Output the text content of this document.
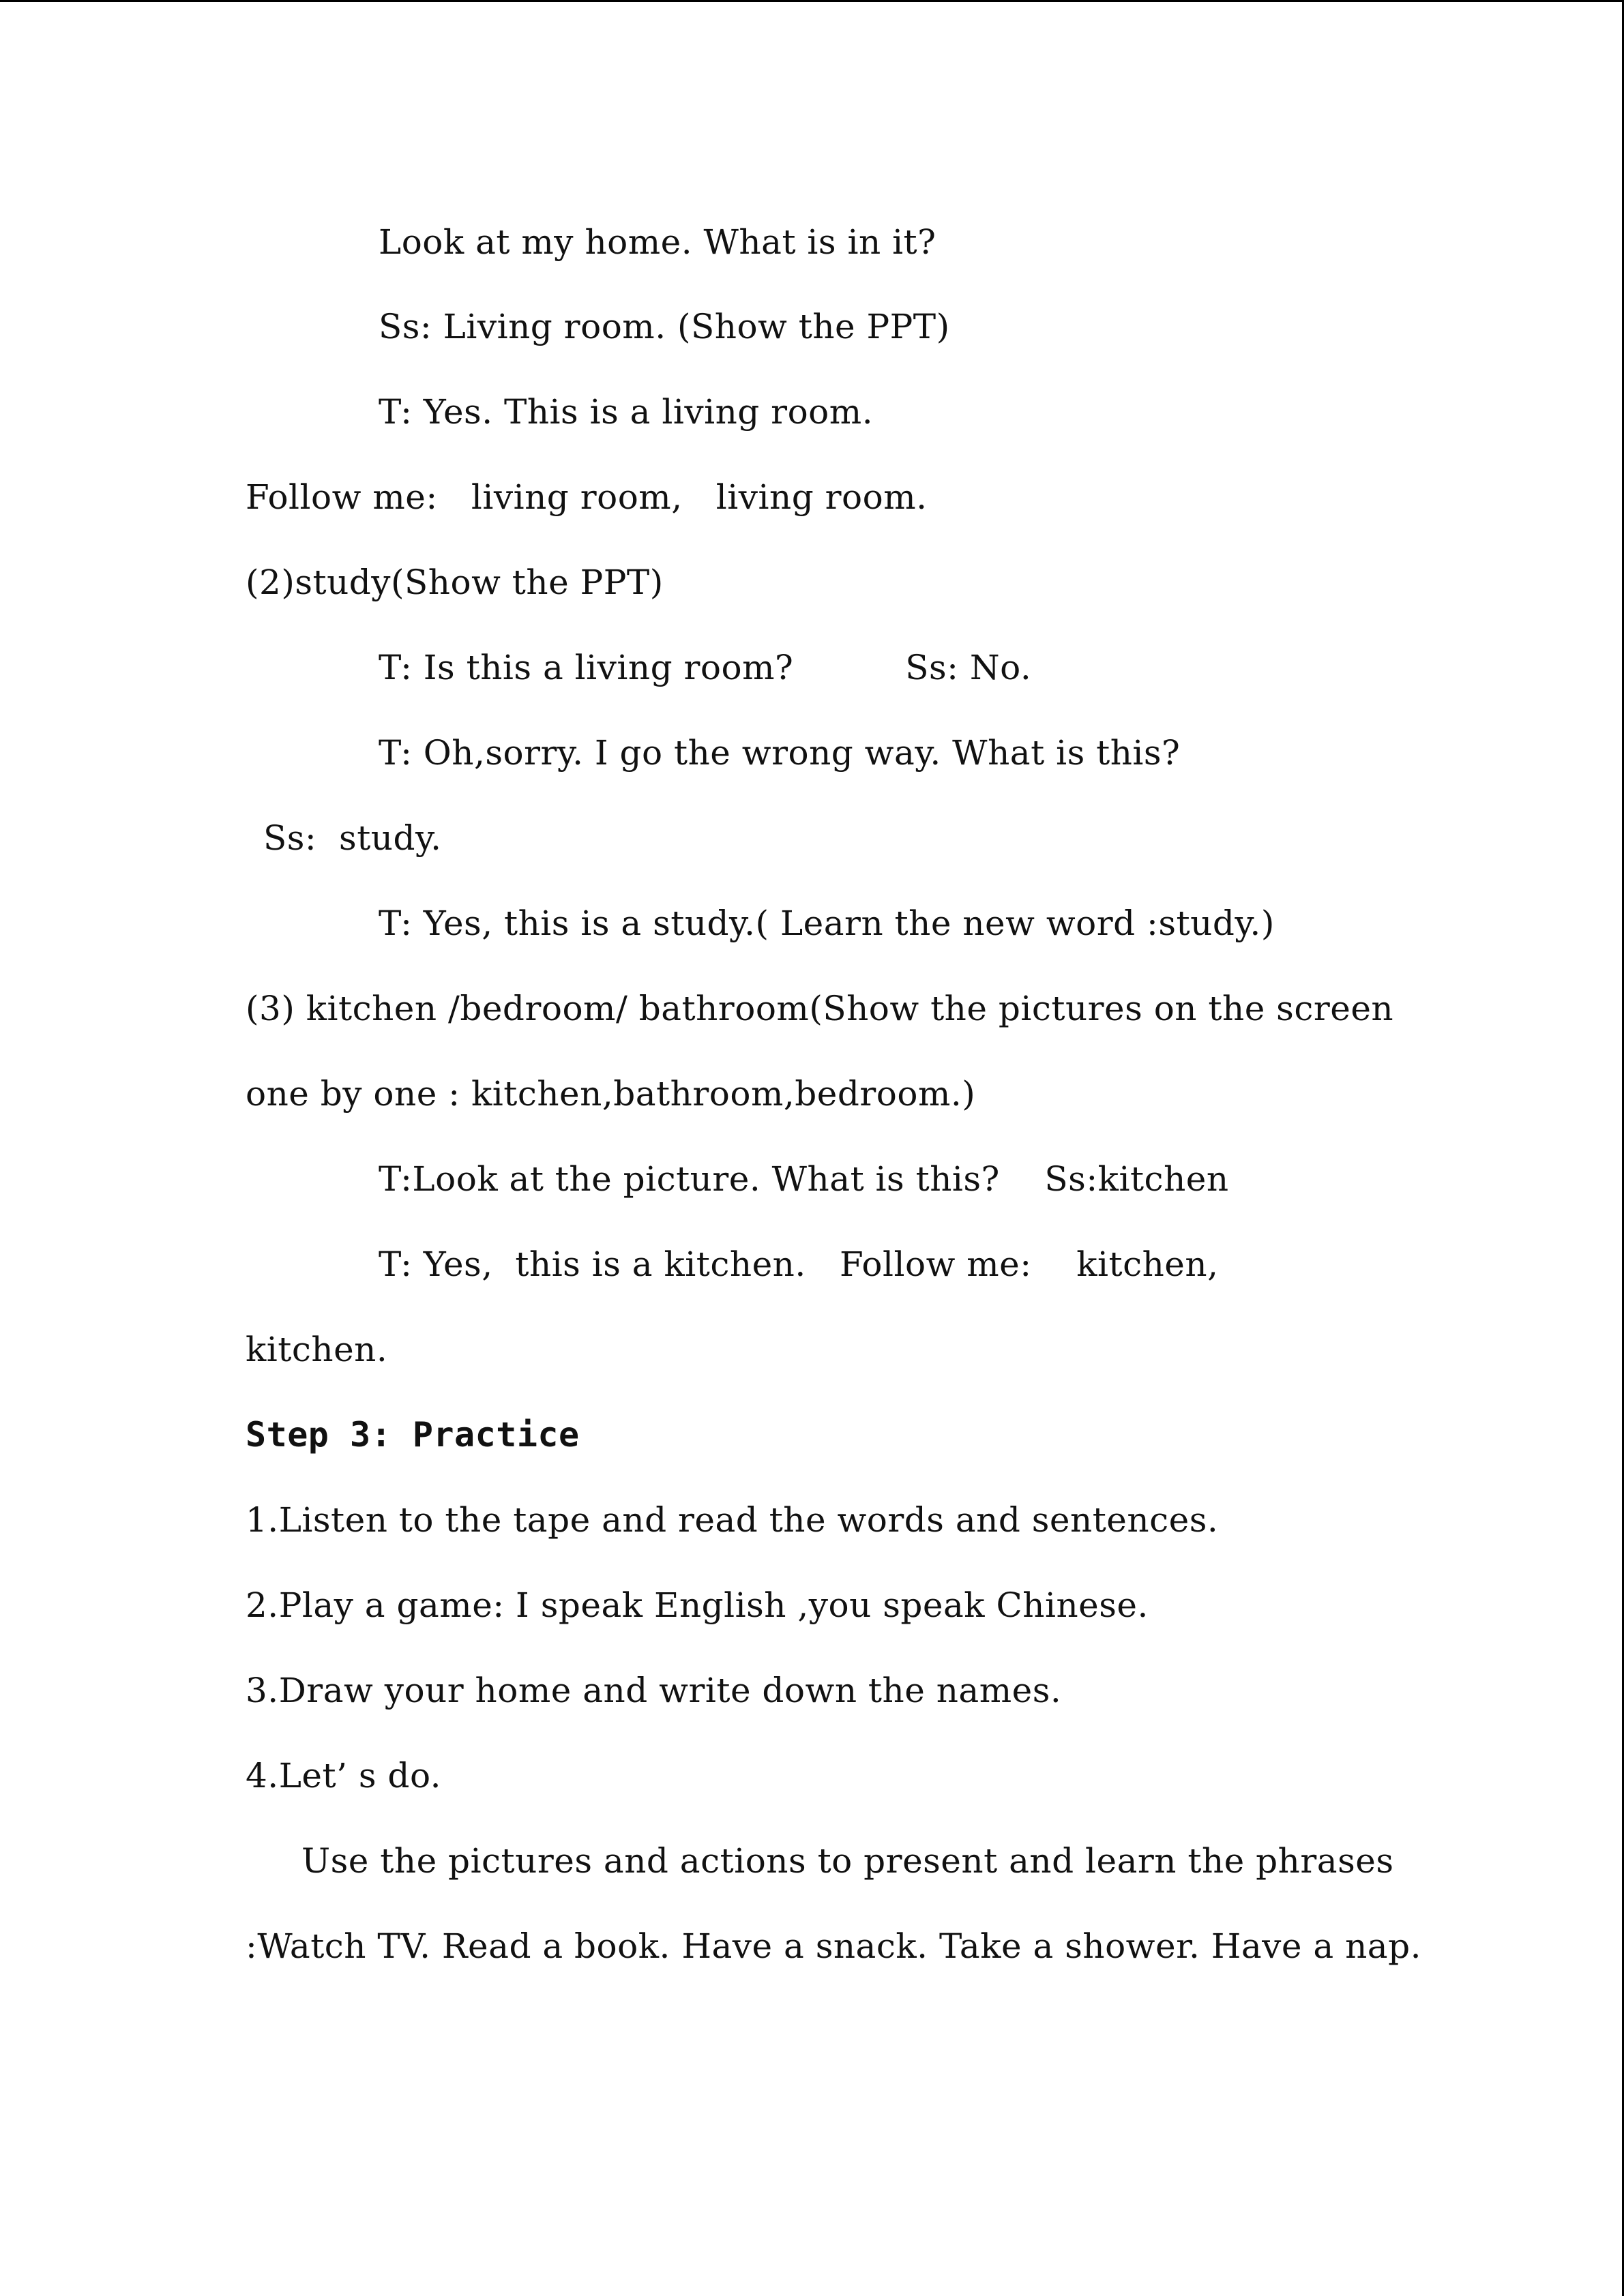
Look at my home. What is in it?
Ss: Living room. (Show the PPT)
T: Yes. This is a living room.
Follow me:   living room,   living room.
(2)study(Show the PPT)
T: Is this a living room?          Ss: No.
T: Oh,sorry. I go the wrong way. What is this?
Ss:  study.
T: Yes, this is a study.( Learn the new word :study.)
(3) kitchen /bedroom/ bathroom(Show the pictures on the screen
one by one : kitchen,bathroom,bedroom.)
T:Look at the picture. What is this?    Ss:kitchen
T: Yes,  this is a kitchen.   Follow me:    kitchen,
kitchen.
Step 3: Practice
1.Listen to the tape and read the words and sentences.
2.Play a game: I speak English ,you speak Chinese.
3.Draw your home and write down the names.
4.Let’ s do.
Use the pictures and actions to present and learn the phrases
:Watch TV. Read a book. Have a snack. Take a shower. Have a nap.
